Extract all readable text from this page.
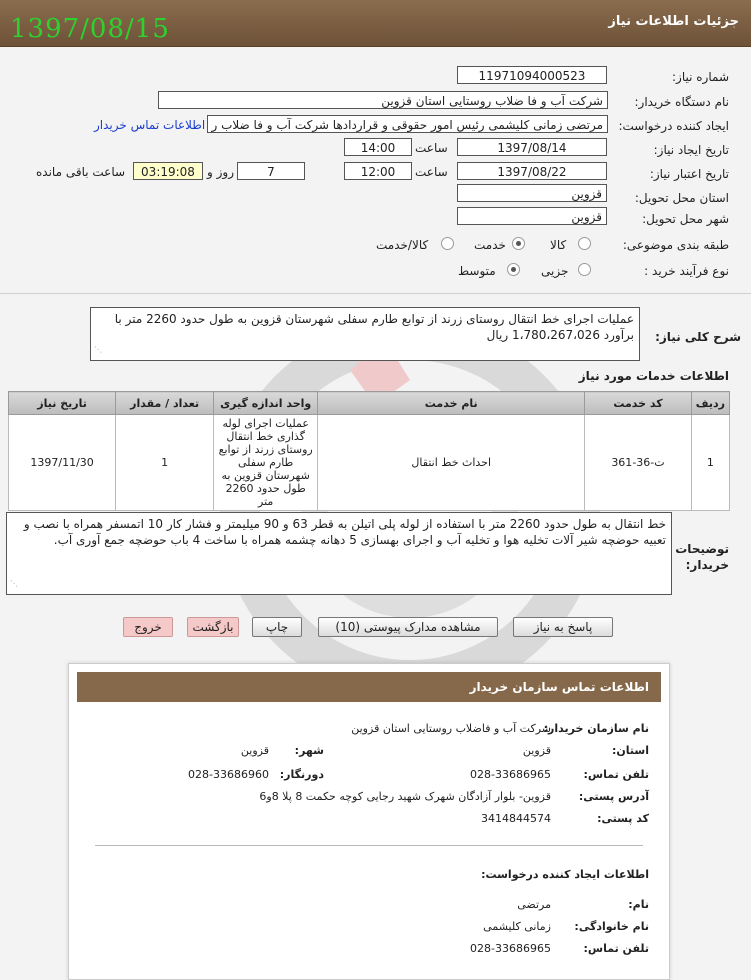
جزئیات اطلاعات نیاز
1397/08/15
شماره نیاز:
11971094000523
نام دستگاه خریدار:
شرکت آب و فا ضلاب روستایی استان قزوین
ایجاد کننده درخواست:
مرتضی زمانی کلیشمی رئیس امور حقوقی و قراردادها شرکت آب و فا ضلاب ر
اطلاعات تماس خریدار
تاریخ ایجاد نیاز:
1397/08/14
ساعت
14:00
تاریخ اعتبار نیاز:
1397/08/22
ساعت
12:00
7
روز و
03:19:08
ساعت باقی مانده
استان محل تحویل:
قزوین
شهر محل تحویل:
قزوین
طبقه بندی موضوعی:
کالا
خدمت
کالا/خدمت
نوع فرآیند خرید :
جزیی
متوسط
شرح کلی نیاز:
عملیات اجرای خط انتقال روستای زرند از توابع طارم سفلی شهرستان قزوین به طول حدود 2260 متر با برآورد 1،780،267،026 ریال
⋰
اطلاعات خدمات مورد نیاز
ردیف	کد خدمت	نام خدمت	واحد اندازه گیری	تعداد / مقدار	تاریخ نیاز
1	ت-36-361	احداث خط انتقال	عملیات اجرای لوله گذاری خط انتقال روستای زرند از توابع طارم سفلی شهرستان قزوین به طول حدود 2260 متر	1	1397/11/30
توضیحات خریدار:
خط انتقال به طول حدود 2260 متر با استفاده از لوله پلی اتیلن به قطر 63 و 90 میلیمتر و فشار کار 10 اتمسفر همراه با نصب و تعبیه حوضچه شیر آلات تخلیه هوا و تخلیه آب و اجرای بهسازی 5 دهانه چشمه همراه با ساخت 4 باب حوضچه جمع آوری آب.
⋰
پاسخ به نیاز
مشاهده مدارک پیوستی (10)
چاپ
بازگشت
خروج
اطلاعات تماس سازمان خریدار
نام سازمان خریدار:
شرکت آب و فاضلاب روستایی استان قزوین
استان:
قزوین
شهر:
قزوین
تلفن تماس:
028-33686965
دورنگار:
028-33686960
آدرس پستی:
قزوین- بلوار آزادگان شهرک شهید رجایی کوچه حکمت 8 پلا 8و6
کد پستی:
3414844574
اطلاعات ایجاد کننده درخواست:
نام:
مرتضی
نام خانوادگی:
زمانی کلیشمی
تلفن تماس:
028-33686965
